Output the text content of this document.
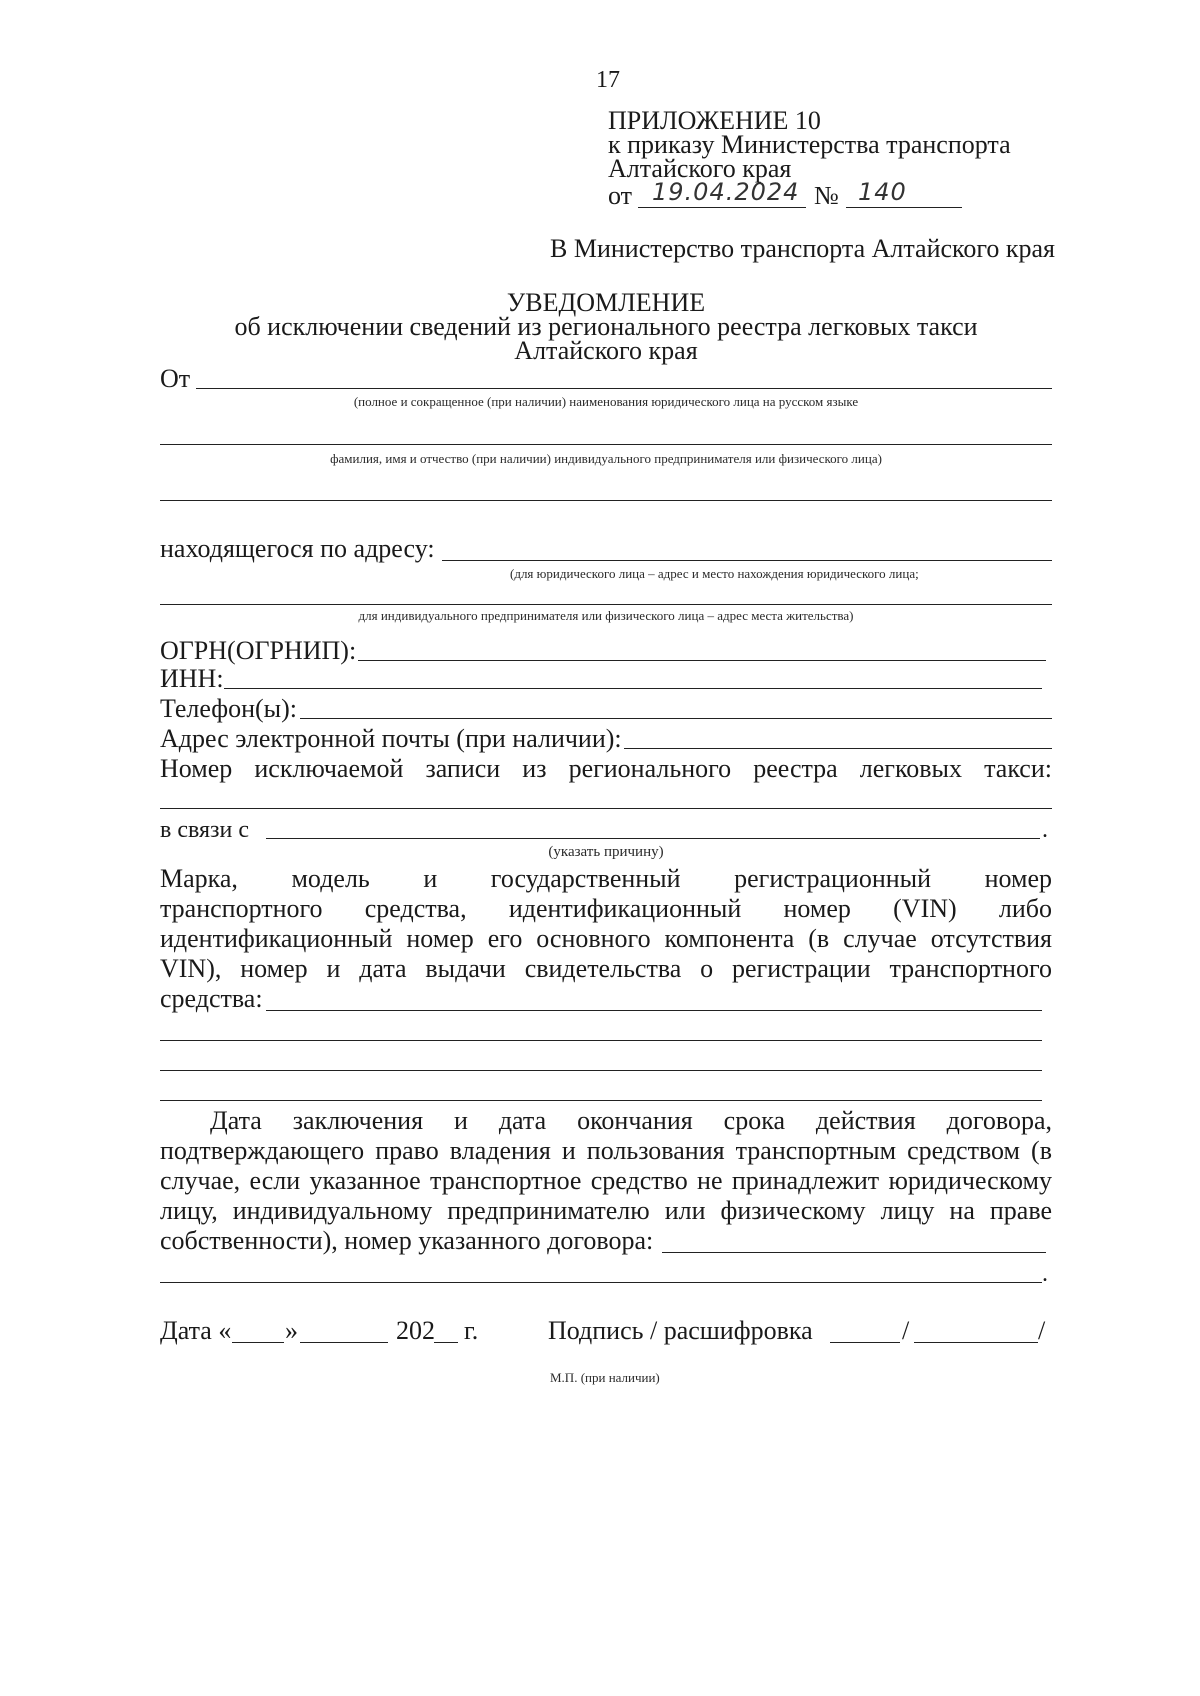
17
ПРИЛОЖЕНИЕ 10
к приказу Министерства транспорта
Алтайского края
от 19.04.2024 № 140
В Министерство транспорта Алтайского края
УВЕДОМЛЕНИЕ
об исключении сведений из регионального реестра легковых такси
Алтайского края
От
(полное и сокращенное (при наличии) наименования юридического лица на русском языке
фамилия, имя и отчество (при наличии) индивидуального предпринимателя или физического лица)
находящегося по адресу:
(для юридического лица – адрес и место нахождения юридического лица;
для индивидуального предпринимателя или физического лица – адрес места жительства)
ОГРН(ОГРНИП):
ИНН:
Телефон(ы):
Адрес электронной почты (при наличии):
Номер исключаемой записи из регионального реестра легковых такси:
в связи с	.
(указать причину)
Марка, модель и государственный регистрационный номер
транспортного средства, идентификационный номер (VIN) либо
идентификационный номер его основного компонента (в случае отсутствия
VIN), номер и дата выдачи свидетельства о регистрации транспортного
средства:
Дата заключения и дата окончания срока действия договора,
подтверждающего право владения и пользования транспортным средством (в
случае, если указанное транспортное средство не принадлежит юридическому
лицу, индивидуальному предпринимателю или физическому лицу на праве
собственности), номер указанного договора:
.
Дата « »	202 г.	Подпись / расшифровка	/	/
М.П. (при наличии)
